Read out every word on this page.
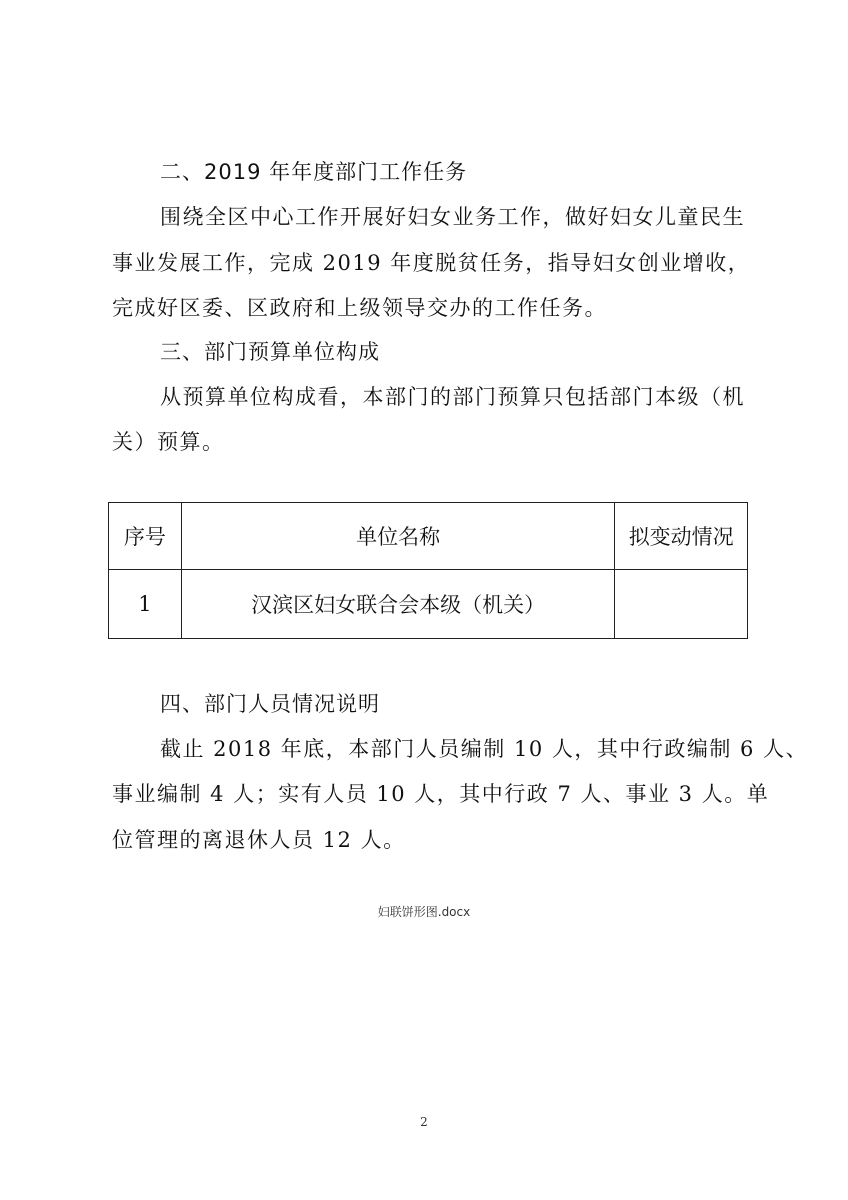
二、2019 年年度部门工作任务
围绕全区中心工作开展好妇女业务工作，做好妇女儿童民生
事业发展工作，完成 2019 年度脱贫任务，指导妇女创业增收，
完成好区委、区政府和上级领导交办的工作任务。
三、部门预算单位构成
从预算单位构成看，本部门的部门预算只包括部门本级（机
关）预算。
序号	单位名称	拟变动情况
1	汉滨区妇女联合会本级（机关）	
四、部门人员情况说明
截止 2018 年底，本部门人员编制 10 人，其中行政编制 6 人、
事业编制 4 人；实有人员 10 人，其中行政 7 人、事业 3 人。单
位管理的离退休人员 12 人。
妇联饼形图.docx
2
